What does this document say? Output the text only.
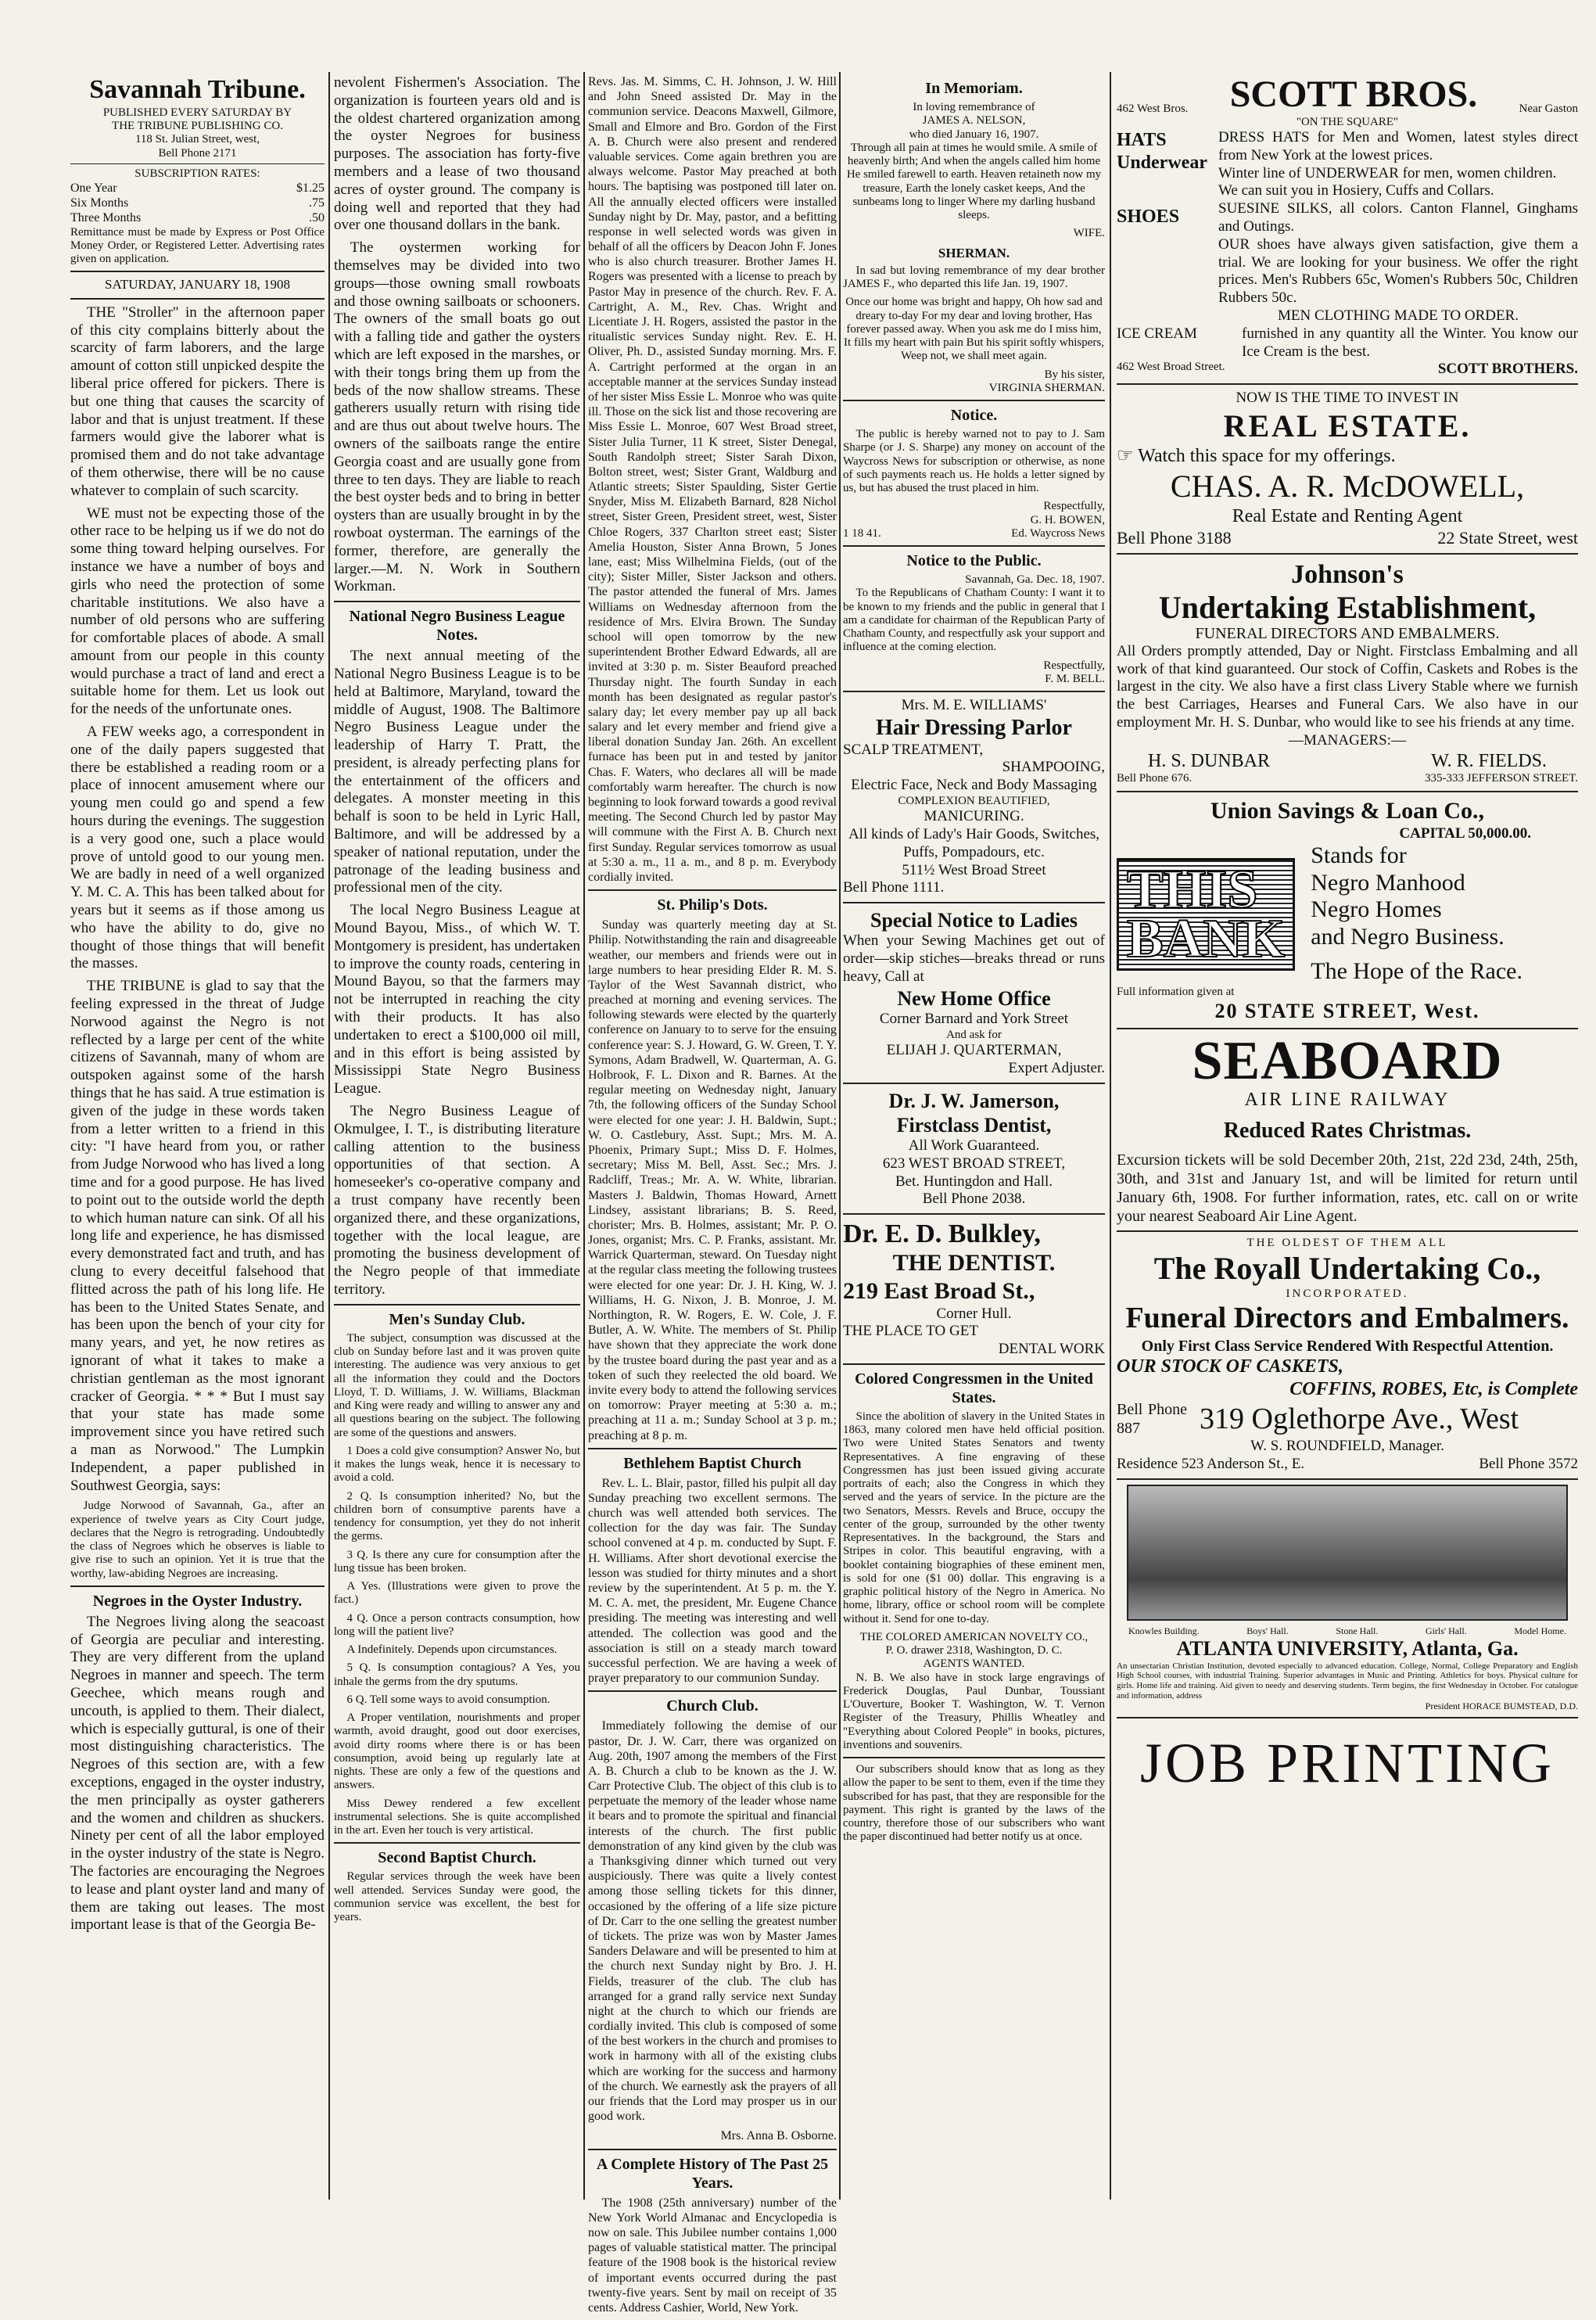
Savannah Tribune.
PUBLISHED EVERY SATURDAY BY
THE TRIBUNE PUBLISHING CO.
118 St. Julian Street, west,
Bell Phone 2171
SUBSCRIPTION RATES:
One Year	$1.25
Six Months	.75
Three Months	.50
Remittance must be made by Express or Post Office Money Order, or Registered Letter. Advertising rates given on application.
SATURDAY, JANUARY 18, 1908

THE "Stroller" in the afternoon paper of this city complains bitterly about the scarcity of farm laborers, and the large amount of cotton still unpicked despite the liberal price offered for pickers. There is but one thing that causes the scarcity of labor and that is unjust treatment. If these farmers would give the laborer what is promised them and do not take advantage of them otherwise, there will be no cause whatever to complain of such scarcity.

WE must not be expecting those of the other race to be helping us if we do not do some thing toward helping ourselves. For instance we have a number of boys and girls who need the protection of some charitable institutions. We also have a number of old persons who are suffering for comfortable places of abode. A small amount from our people in this county would purchase a tract of land and erect a suitable home for them. Let us look out for the needs of the unfortunate ones.

A FEW weeks ago, a correspondent in one of the daily papers suggested that there be established a reading room or a place of innocent amusement where our young men could go and spend a few hours during the evenings. The suggestion is a very good one, such a place would prove of untold good to our young men. We are badly in need of a well organized Y. M. C. A. This has been talked about for years but it seems as if those among us who have the ability to do, give no thought of those things that will benefit the masses.

THE TRIBUNE is glad to say that the feeling expressed in the threat of Judge Norwood against the Negro is not reflected by a large per cent of the white citizens of Savannah, many of whom are outspoken against some of the harsh things that he has said. A true estimation is given of the judge in these words taken from a letter written to a friend in this city: "I have heard from you, or rather from Judge Norwood who has lived a long time and for a good purpose. He has lived to point out to the outside world the depth to which human nature can sink. Of all his long life and experience, he has dismissed every demonstrated fact and truth, and has clung to every deceitful falsehood that flitted across the path of his long life. He has been to the United States Senate, and has been upon the bench of your city for many years, and yet, he now retires as ignorant of what it takes to make a christian gentleman as the most ignorant cracker of Georgia. * * * But I must say that your state has made some improvement since you have retired such a man as Norwood." The Lumpkin Independent, a paper published in Southwest Georgia, says:

Judge Norwood of Savannah, Ga., after an experience of twelve years as City Court judge, declares that the Negro is retrograding. Undoubtedly the class of Negroes which he observes is liable to give rise to such an opinion. Yet it is true that the worthy, law-abiding Negroes are increasing.

Negroes in the Oyster Industry.

The Negroes living along the seacoast of Georgia are peculiar and interesting. They are very different from the upland Negroes in manner and speech. The term Geechee, which means rough and uncouth, is applied to them. Their dialect, which is especially guttural, is one of their most distinguishing characteristics. The Negroes of this section are, with a few exceptions, engaged in the oyster industry, the men principally as oyster gatherers and the women and children as shuckers. Ninety per cent of all the labor employed in the oyster industry of the state is Negro. The factories are encouraging the Negroes to lease and plant oyster land and many of them are taking out leases. The most important lease is that of the Georgia Be-

nevolent Fishermen's Association. The organization is fourteen years old and is the oldest chartered organization among the oyster Negroes for business purposes. The association has forty-five members and a lease of two thousand acres of oyster ground. The company is doing well and reported that they had over one thousand dollars in the bank.

The oystermen working for themselves may be divided into two groups—those owning small rowboats and those owning sailboats or schooners. The owners of the small boats go out with a falling tide and gather the oysters which are left exposed in the marshes, or with their tongs bring them up from the beds of the now shallow streams. These gatherers usually return with rising tide and are thus out about twelve hours. The owners of the sailboats range the entire Georgia coast and are usually gone from three to ten days. They are liable to reach the best oyster beds and to bring in better oysters than are usually brought in by the rowboat oysterman. The earnings of the former, therefore, are generally the larger.—M. N. Work in Southern Workman.

National Negro Business League Notes.

The next annual meeting of the National Negro Business League is to be held at Baltimore, Maryland, toward the middle of August, 1908. The Baltimore Negro Business League under the leadership of Harry T. Pratt, the president, is already perfecting plans for the entertainment of the officers and delegates. A monster meeting in this behalf is soon to be held in Lyric Hall, Baltimore, and will be addressed by a speaker of national reputation, under the patronage of the leading business and professional men of the city.

The local Negro Business League at Mound Bayou, Miss., of which W. T. Montgomery is president, has undertaken to improve the county roads, centering in Mound Bayou, so that the farmers may not be interrupted in reaching the city with their products. It has also undertaken to erect a $100,000 oil mill, and in this effort is being assisted by Mississippi State Negro Business League.

The Negro Business League of Okmulgee, I. T., is distributing literature calling attention to the business opportunities of that section. A homeseeker's co-operative company and a trust company have recently been organized there, and these organizations, together with the local league, are promoting the business development of the Negro people of that immediate territory.

Men's Sunday Club.

The subject, consumption was discussed at the club on Sunday before last and it was proven quite interesting. The audience was very anxious to get all the information they could and the Doctors Lloyd, T. D. Williams, J. W. Williams, Blackman and King were ready and willing to answer any and all questions bearing on the subject. The following are some of the questions and answers.

1 Does a cold give consumption? Answer No, but it makes the lungs weak, hence it is necessary to avoid a cold.

2 Q. Is consumption inherited? No, but the children born of consumptive parents have a tendency for consumption, yet they do not inherit the germs.

3 Q. Is there any cure for consumption after the lung tissue has been broken.

A Yes. (Illustrations were given to prove the fact.)

4 Q. Once a person contracts consumption, how long will the patient live?

A Indefinitely. Depends upon circumstances.

5 Q. Is consumption contagious? A Yes, you inhale the germs from the dry sputums.

6 Q. Tell some ways to avoid consumption.

A Proper ventilation, nourishments and proper warmth, avoid draught, good out door exercises, avoid dirty rooms where there is or has been consumption, avoid being up regularly late at nights. These are only a few of the questions and answers.

Miss Dewey rendered a few excellent instrumental selections. She is quite accomplished in the art. Even her touch is very artistical.

Second Baptist Church.

Regular services through the week have been well attended. Services Sunday were good, the communion service was excellent, the best for years.

Revs. Jas. M. Simms, C. H. Johnson, J. W. Hill and John Sneed assisted Dr. May in the communion service. Deacons Maxwell, Gilmore, Small and Elmore and Bro. Gordon of the First A. B. Church were also present and rendered valuable services. Come again brethren you are always welcome. Pastor May preached at both hours. The baptising was postponed till later on. All the annually elected officers were installed Sunday night by Dr. May, pastor, and a befitting response in well selected words was given in behalf of all the officers by Deacon John F. Jones who is also church treasurer. Brother James H. Rogers was presented with a license to preach by Pastor May in presence of the church. Rev. F. A. Cartright, A. M., Rev. Chas. Wright and Licentiate J. H. Rogers, assisted the pastor in the ritualistic services Sunday night. Rev. E. H. Oliver, Ph. D., assisted Sunday morning. Mrs. F. A. Cartright performed at the organ in an acceptable manner at the services Sunday instead of her sister Miss Essie L. Monroe who was quite ill. Those on the sick list and those recovering are Miss Essie L. Monroe, 607 West Broad street, Sister Julia Turner, 11 K street, Sister Denegal, South Randolph street; Sister Sarah Dixon, Bolton street, west; Sister Grant, Waldburg and Atlantic streets; Sister Spaulding, Sister Gertie Snyder, Miss M. Elizabeth Barnard, 828 Nichol street, Sister Green, President street, west, Sister Chloe Rogers, 337 Charlton street east; Sister Amelia Houston, Sister Anna Brown, 5 Jones lane, east; Miss Wilhelmina Fields, (out of the city); Sister Miller, Sister Jackson and others. The pastor attended the funeral of Mrs. James Williams on Wednesday afternoon from the residence of Mrs. Elvira Brown. The Sunday school will open tomorrow by the new superintendent Brother Edward Edwards, all are invited at 3:30 p. m. Sister Beauford preached Thursday night. The fourth Sunday in each month has been designated as regular pastor's salary day; let every member pay up all back salary and let every member and friend give a liberal donation Sunday Jan. 26th. An excellent furnace has been put in and tested by janitor Chas. F. Waters, who declares all will be made comfortably warm hereafter. The church is now beginning to look forward towards a good revival meeting. The Second Church led by pastor May will commune with the First A. B. Church next first Sunday. Regular services tomorrow as usual at 5:30 a. m., 11 a. m., and 8 p. m. Everybody cordially invited.

St. Philip's Dots.

Sunday was quarterly meeting day at St. Philip. Notwithstanding the rain and disagreeable weather, our members and friends were out in large numbers to hear presiding Elder R. M. S. Taylor of the West Savannah district, who preached at morning and evening services. The following stewards were elected by the quarterly conference on January to to serve for the ensuing conference year: S. J. Howard, G. W. Green, T. Y. Symons, Adam Bradwell, W. Quarterman, A. G. Holbrook, F. L. Dixon and R. Barnes. At the regular meeting on Wednesday night, January 7th, the following officers of the Sunday School were elected for one year: J. H. Baldwin, Supt.; W. O. Castlebury, Asst. Supt.; Mrs. M. A. Phoenix, Primary Supt.; Miss D. F. Holmes, secretary; Miss M. Bell, Asst. Sec.; Mrs. J. Radcliff, Treas.; Mr. A. W. White, librarian. Masters J. Baldwin, Thomas Howard, Arnett Lindsey, assistant librarians; B. S. Reed, chorister; Mrs. B. Holmes, assistant; Mr. P. O. Jones, organist; Mrs. C. P. Franks, assistant. Mr. Warrick Quarterman, steward. On Tuesday night at the regular class meeting the following trustees were elected for one year: Dr. J. H. King, W. J. Williams, H. G. Nixon, J. B. Monroe, J. M. Northington, R. W. Rogers, E. W. Cole, J. F. Butler, A. W. White. The members of St. Philip have shown that they appreciate the work done by the trustee board during the past year and as a token of such they reelected the old board. We invite every body to attend the following services on tomorrow: Prayer meeting at 5:30 a. m.; preaching at 11 a. m.; Sunday School at 3 p. m.; preaching at 8 p. m.

Bethlehem Baptist Church

Rev. L. L. Blair, pastor, filled his pulpit all day Sunday preaching two excellent sermons. The church was well attended both services. The collection for the day was fair. The Sunday school convened at 4 p. m. conducted by Supt. F. H. Williams. After short devotional exercise the lesson was studied for thirty minutes and a short review by the superintendent. At 5 p. m. the Y. M. C. A. met, the president, Mr. Eugene Chance presiding. The meeting was interesting and well attended. The collection was good and the association is still on a steady march toward successful perfection. We are having a week of prayer preparatory to our communion Sunday.

Church Club.

Immediately following the demise of our pastor, Dr. J. W. Carr, there was organized on Aug. 20th, 1907 among the members of the First A. B. Church a club to be known as the J. W. Carr Protective Club. The object of this club is to perpetuate the memory of the leader whose name it bears and to promote the spiritual and financial interests of the church. The first public demonstration of any kind given by the club was a Thanksgiving dinner which turned out very auspiciously. There was quite a lively contest among those selling tickets for this dinner, occasioned by the offering of a life size picture of Dr. Carr to the one selling the greatest number of tickets. The prize was won by Master James Sanders Delaware and will be presented to him at the church next Sunday night by Bro. J. H. Fields, treasurer of the club. The club has arranged for a grand rally service next Sunday night at the church to which our friends are cordially invited. This club is composed of some of the best workers in the church and promises to work in harmony with all of the existing clubs which are working for the success and harmony of the church. We earnestly ask the prayers of all our friends that the Lord may prosper us in our good work.

Mrs. Anna B. Osborne.
A Complete History of The Past 25 Years.

The 1908 (25th anniversary) number of the New York World Almanac and Encyclopedia is now on sale. This Jubilee number contains 1,000 pages of valuable statistical matter. The principal feature of the 1908 book is the historical review of important events occurred during the past twenty-five years. Sent by mail on receipt of 35 cents. Address Cashier, World, New York.

In Memoriam.
In loving remembrance of
JAMES A. NELSON,
who died January 16, 1907.

Through all pain at times he would smile. A smile of heavenly birth; And when the angels called him home He smiled farewell to earth. Heaven retaineth now my treasure, Earth the lonely casket keeps, And the sunbeams long to linger Where my darling husband sleeps.

WIFE.
SHERMAN.

In sad but loving remembrance of my dear brother JAMES F., who departed this life Jan. 19, 1907.

Once our home was bright and happy, Oh how sad and dreary to-day For my dear and loving brother, Has forever passed away. When you ask me do I miss him, It fills my heart with pain But his spirit softly whispers, Weep not, we shall meet again.

By his sister,
VIRGINIA SHERMAN.
Notice.

The public is hereby warned not to pay to J. Sam Sharpe (or J. S. Sharpe) any money on account of the Waycross News for subscription or otherwise, as none of such payments reach us. He holds a letter signed by us, but has abused the trust placed in him.

Respectfully,
G. H. BOWEN,
1 18 41.	Ed. Waycross News
Notice to the Public.
Savannah, Ga. Dec. 18, 1907.

To the Republicans of Chatham County: I want it to be known to my friends and the public in general that I am a candidate for chairman of the Republican Party of Chatham County, and respectfully ask your support and influence at the coming election.

Respectfully,
F. M. BELL.
Mrs. M. E. WILLIAMS'
Hair Dressing Parlor
SCALP TREATMENT,
SHAMPOOING,
Electric Face, Neck and Body Massaging
COMPLEXION BEAUTIFIED,
MANICURING.
All kinds of Lady's Hair Goods, Switches, Puffs, Pompadours, etc.
511½ West Broad Street
Bell Phone 1111.
Special Notice to Ladies
When your Sewing Machines get out of order—skip stiches—breaks thread or runs heavy, Call at
New Home Office
Corner Barnard and York Street
And ask for
ELIJAH J. QUARTERMAN,
Expert Adjuster.
Dr. J. W. Jamerson,
Firstclass Dentist,
All Work Guaranteed.
623 WEST BROAD STREET,
Bet. Huntingdon and Hall.
Bell Phone 2038.
Dr. E. D. Bulkley,
THE DENTIST.
219 East Broad St.,
Corner Hull.
THE PLACE TO GET
DENTAL WORK
Colored Congressmen in the United States.

Since the abolition of slavery in the United States in 1863, many colored men have held official position. Two were United States Senators and twenty Representatives. A fine engraving of these Congressmen has just been issued giving accurate portraits of each; also the Congress in which they served and the years of service. In the picture are the two Senators, Messrs. Revels and Bruce, occupy the center of the group, surrounded by the other twenty Representatives. In the background, the Stars and Stripes in color. This beautiful engraving, with a booklet containing biographies of these eminent men, is sold for one ($1 00) dollar. This engraving is a graphic political history of the Negro in America. No home, library, office or school room will be complete without it. Send for one to-day.

THE COLORED AMERICAN NOVELTY CO.,
P. O. drawer 2318, Washington, D. C.
AGENTS WANTED.

N. B. We also have in stock large engravings of Frederick Douglas, Paul Dunbar, Toussiant L'Ouverture, Booker T. Washington, W. T. Vernon Register of the Treasury, Phillis Wheatley and "Everything about Colored People" in books, pictures, inventions and souvenirs.

Our subscribers should know that as long as they allow the paper to be sent to them, even if the time they subscribed for has past, that they are responsible for the payment. This right is granted by the laws of the country, therefore those of our subscribers who want the paper discontinued had better notify us at once.

462 West Bros. SCOTT BROS.	Near Gaston
"ON THE SQUARE"
HATS
Underwear
SHOES
DRESS HATS for Men and Women, latest styles direct from New York at the lowest prices.
Winter line of UNDERWEAR for men, women children.
We can suit you in Hosiery, Cuffs and Collars.
SUESINE SILKS, all colors. Canton Flannel, Ginghams and Outings.
OUR shoes have always given satisfaction, give them a trial. We are looking for your business. We offer the right prices. Men's Rubbers 65c, Women's Rubbers 50c, Children Rubbers 50c.
MEN CLOTHING MADE TO ORDER.
ICE CREAM	furnished in any quantity all the Winter. You know our Ice Cream is the best.
462 West Broad Street.	SCOTT BROTHERS.
NOW IS THE TIME TO INVEST IN
REAL ESTATE.
☞ Watch this space for my offerings.
CHAS. A. R. McDOWELL,
Real Estate and Renting Agent
Bell Phone 3188	22 State Street, west
Johnson's
Undertaking Establishment,
FUNERAL DIRECTORS AND EMBALMERS.
All Orders promptly attended, Day or Night. Firstclass Embalming and all work of that kind guaranteed. Our stock of Coffin, Caskets and Robes is the largest in the city. We also have a first class Livery Stable where we furnish the best Carriages, Hearses and Funeral Cars. We also have in our employment Mr. H. S. Dunbar, who would like to see his friends at any time.
—MANAGERS:—
H. S. DUNBAR	W. R. FIELDS.
Bell Phone 676.	335-333 JEFFERSON STREET.
Union Savings & Loan Co.,
CAPITAL 50,000.00.
THIS
BANK
Stands for
Negro Manhood
Negro Homes
and Negro Business.
The Hope of the Race.
Full information given at
20 STATE STREET, West.
SEABOARD
AIR LINE RAILWAY
Reduced Rates Christmas.
Excursion tickets will be sold December 20th, 21st, 22d 23d, 24th, 25th, 30th, and 31st and January 1st, and will be limited for return until January 6th, 1908. For further information, rates, etc. call on or write your nearest Seaboard Air Line Agent.
THE OLDEST OF THEM ALL
The Royall Undertaking Co.,
INCORPORATED.
Funeral Directors and Embalmers.
Only First Class Service Rendered With Respectful Attention.
OUR STOCK OF CASKETS,
COFFINS, ROBES, Etc, is Complete
Bell Phone 887	319 Oglethorpe Ave., West
W. S. ROUNDFIELD, Manager.
Residence 523 Anderson St., E.	Bell Phone 3572
Knowles Building.	Boys' Hall.	Stone Hall.	Girls' Hall.	Model Home.
ATLANTA UNIVERSITY, Atlanta, Ga.
An unsectarian Christian Institution, devoted especially to advanced education. College, Normal, College Preparatory and English High School courses, with industrial Training. Superior advantages in Music and Printing. Athletics for boys. Physical culture for girls. Home life and training. Aid given to needy and deserving students. Term begins, the first Wednesday in October. For catalogue and information, address
President HORACE BUMSTEAD, D.D.
JOB PRINTING
